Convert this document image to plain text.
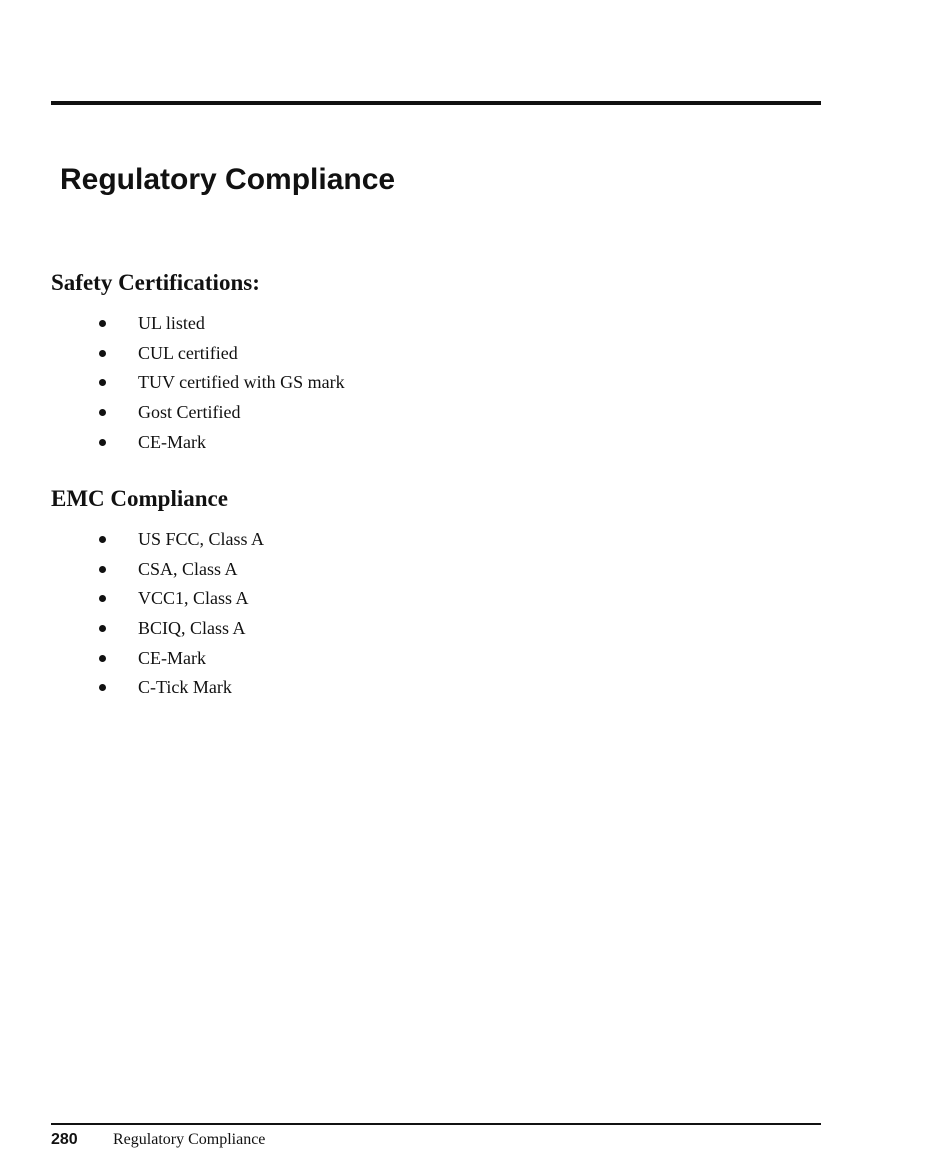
Regulatory Compliance
Safety Certifications:
UL listed
CUL certified
TUV certified with GS mark
Gost Certified
CE-Mark
EMC Compliance
US FCC, Class A
CSA, Class A
VCC1, Class A
BCIQ, Class A
CE-Mark
C-Tick Mark
280 Regulatory Compliance
